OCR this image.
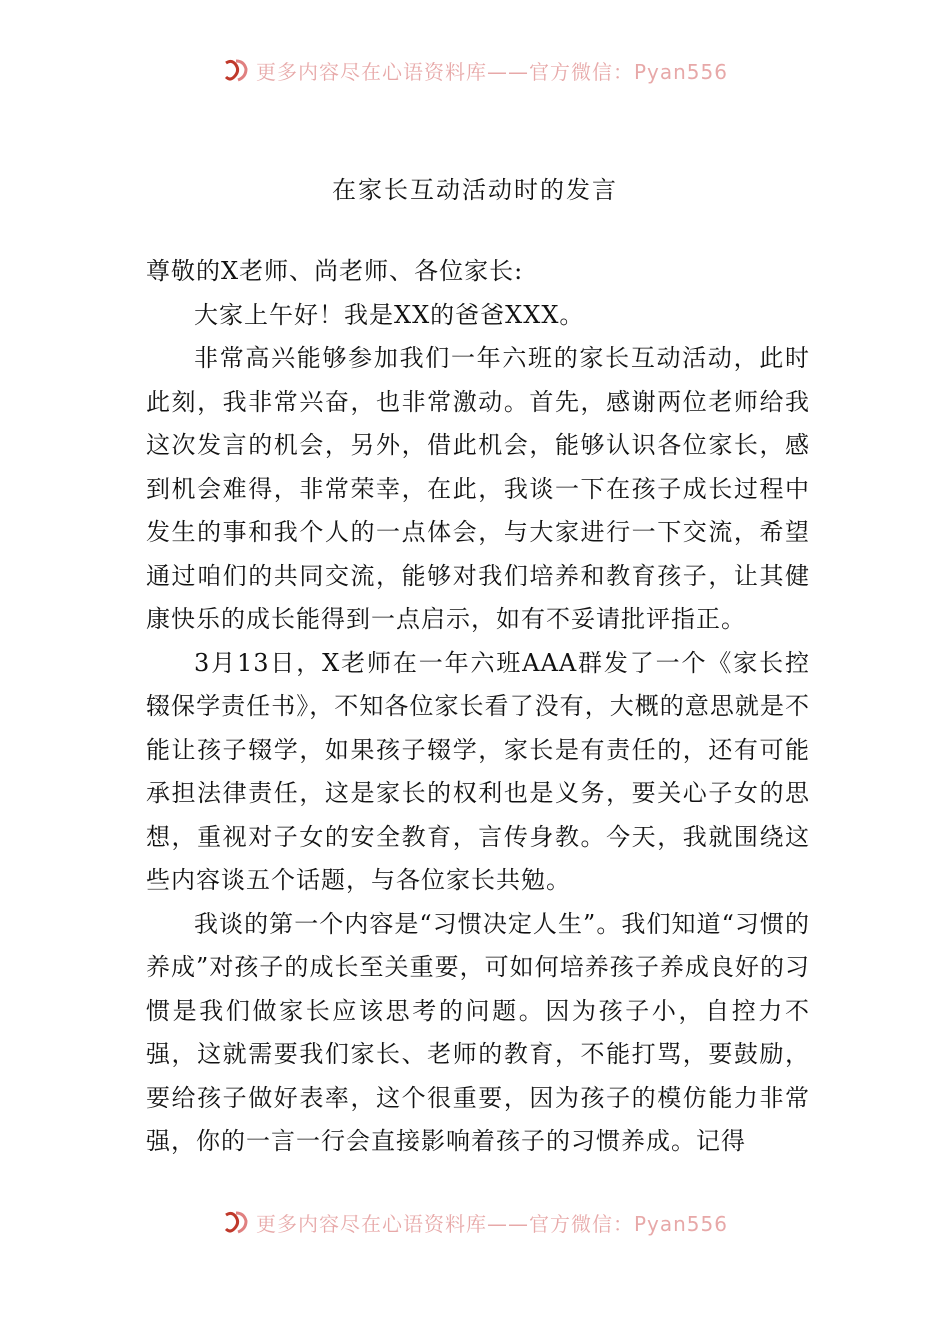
更多内容尽在心语资料库——官方微信：Pyan556
在家长互动活动时的发言

尊敬的X老师、尚老师、各位家长:

大家上午好！我是XX的爸爸XXX。

非常高兴能够参加我们一年六班的家长互动活动，此时此刻，我非常兴奋，也非常激动。首先，感谢两位老师给我这次发言的机会，另外，借此机会，能够认识各位家长，感到机会难得，非常荣幸，在此，我谈一下在孩子成长过程中发生的事和我个人的一点体会，与大家进行一下交流，希望通过咱们的共同交流，能够对我们培养和教育孩子，让其健康快乐的成长能得到一点启示，如有不妥请批评指正。

3月13日，X老师在一年六班AAA群发了一个《家长控辍保学责任书》，不知各位家长看了没有，大概的意思就是不能让孩子辍学，如果孩子辍学，家长是有责任的，还有可能承担法律责任，这是家长的权利也是义务，要关心子女的思想，重视对子女的安全教育，言传身教。今天，我就围绕这些内容谈五个话题，与各位家长共勉。

我谈的第一个内容是“习惯决定人生”。我们知道“习惯的养成”对孩子的成长至关重要，可如何培养孩子养成良好的习惯是我们做家长应该思考的问题。因为孩子小，自控力不强，这就需要我们家长、老师的教育，不能打骂，要鼓励，要给孩子做好表率，这个很重要，因为孩子的模仿能力非常强，你的一言一行会直接影响着孩子的习惯养成。记得

更多内容尽在心语资料库——官方微信：Pyan556
